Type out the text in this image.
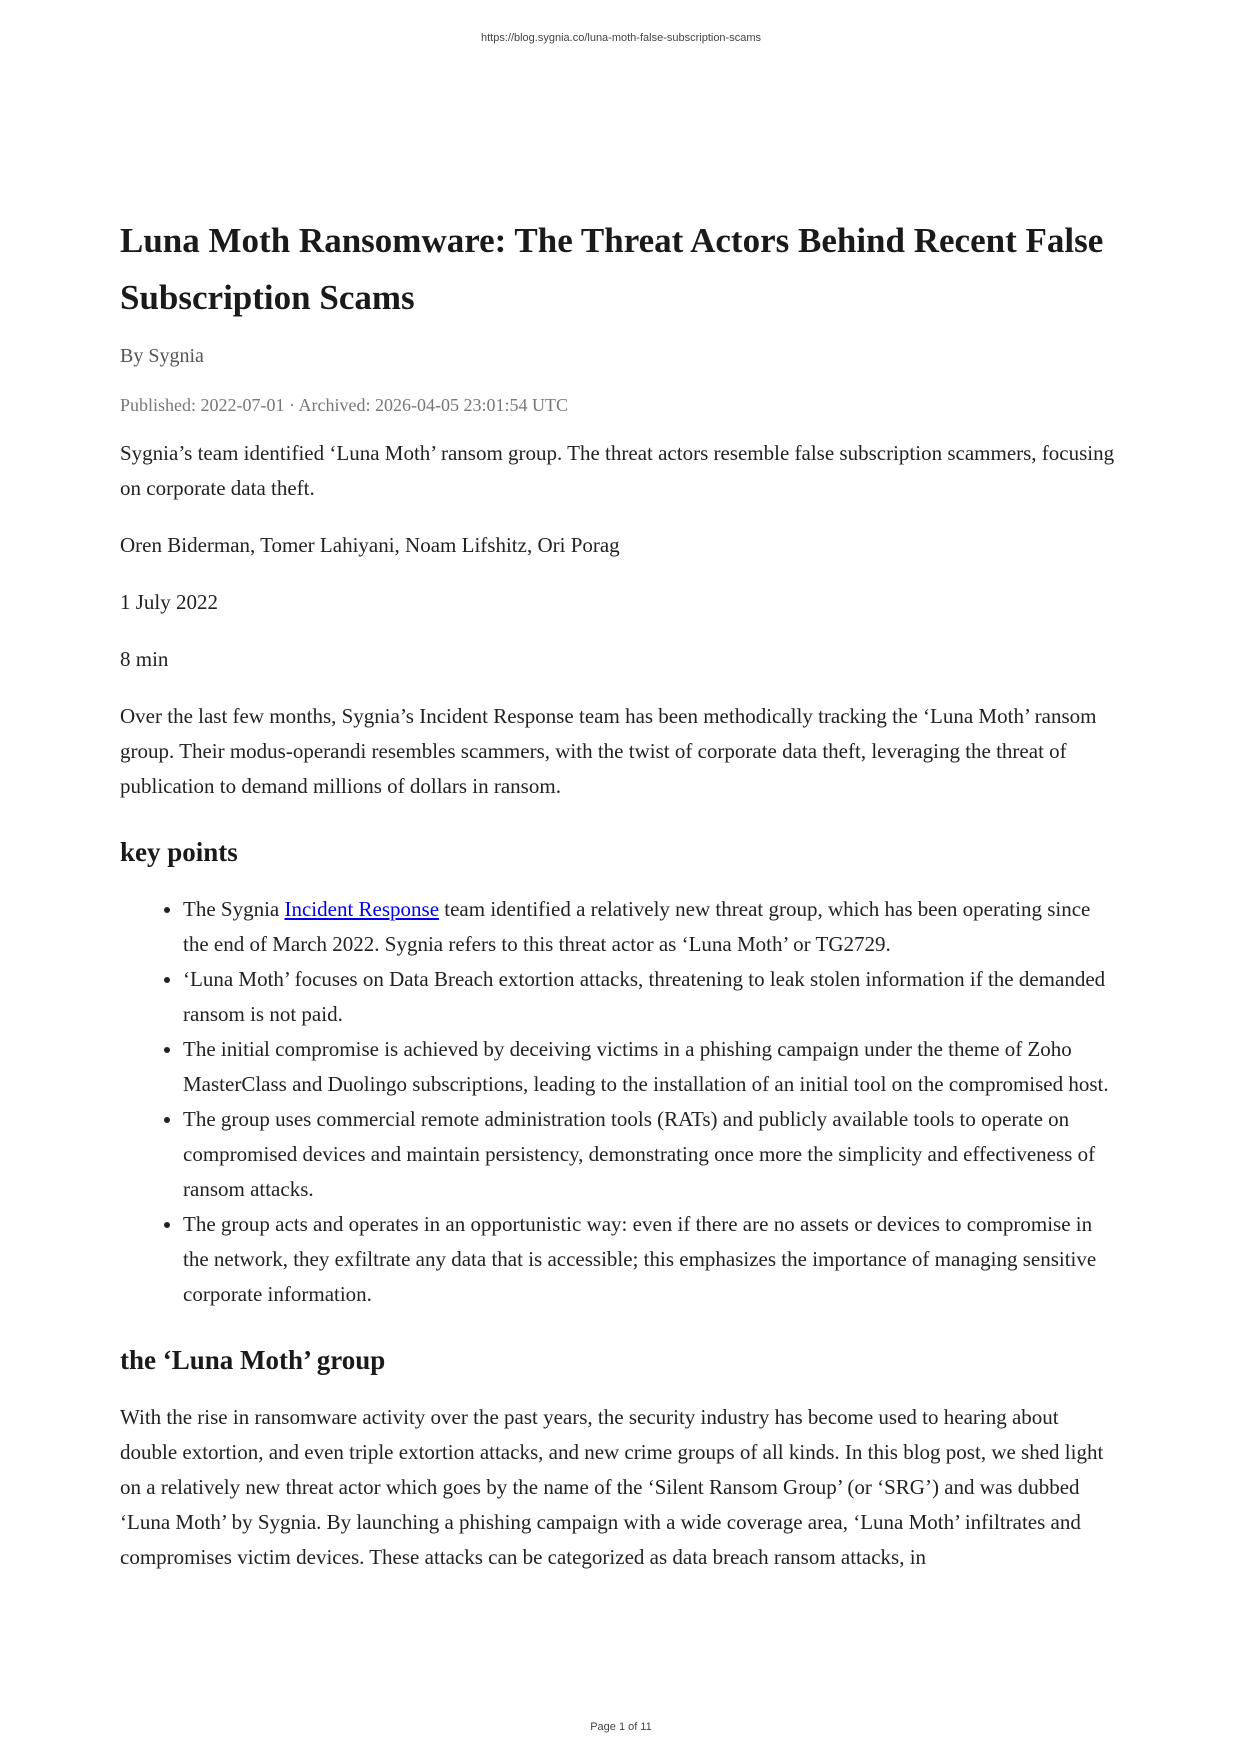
https://blog.sygnia.co/luna-moth-false-subscription-scams
Luna Moth Ransomware: The Threat Actors Behind Recent False Subscription Scams
By Sygnia
Published: 2022-07-01 · Archived: 2026-04-05 23:01:54 UTC

Sygnia’s team identified ‘Luna Moth’ ransom group. The threat actors resemble false subscription scammers, focusing on corporate data theft.

Oren Biderman, Tomer Lahiyani, Noam Lifshitz, Ori Porag

1 July 2022

8 min

Over the last few months, Sygnia’s Incident Response team has been methodically tracking the ‘Luna Moth’ ransom group. Their modus-operandi resembles scammers, with the twist of corporate data theft, leveraging the threat of publication to demand millions of dollars in ransom.

key points
• The Sygnia Incident Response team identified a relatively new threat group, which has been operating since the end of March 2022. Sygnia refers to this threat actor as ‘Luna Moth’ or TG2729.
• ‘Luna Moth’ focuses on Data Breach extortion attacks, threatening to leak stolen information if the demanded ransom is not paid.
• The initial compromise is achieved by deceiving victims in a phishing campaign under the theme of Zoho MasterClass and Duolingo subscriptions, leading to the installation of an initial tool on the compromised host.
• The group uses commercial remote administration tools (RATs) and publicly available tools to operate on compromised devices and maintain persistency, demonstrating once more the simplicity and effectiveness of ransom attacks.
• The group acts and operates in an opportunistic way: even if there are no assets or devices to compromise in the network, they exfiltrate any data that is accessible; this emphasizes the importance of managing sensitive corporate information.
the ‘Luna Moth’ group

With the rise in ransomware activity over the past years, the security industry has become used to hearing about double extortion, and even triple extortion attacks, and new crime groups of all kinds. In this blog post, we shed light on a relatively new threat actor which goes by the name of the ‘Silent Ransom Group’ (or ‘SRG’) and was dubbed ‘Luna Moth’ by Sygnia. By launching a phishing campaign with a wide coverage area, ‘Luna Moth’ infiltrates and compromises victim devices. These attacks can be categorized as data breach ransom attacks, in

Page 1 of 11
